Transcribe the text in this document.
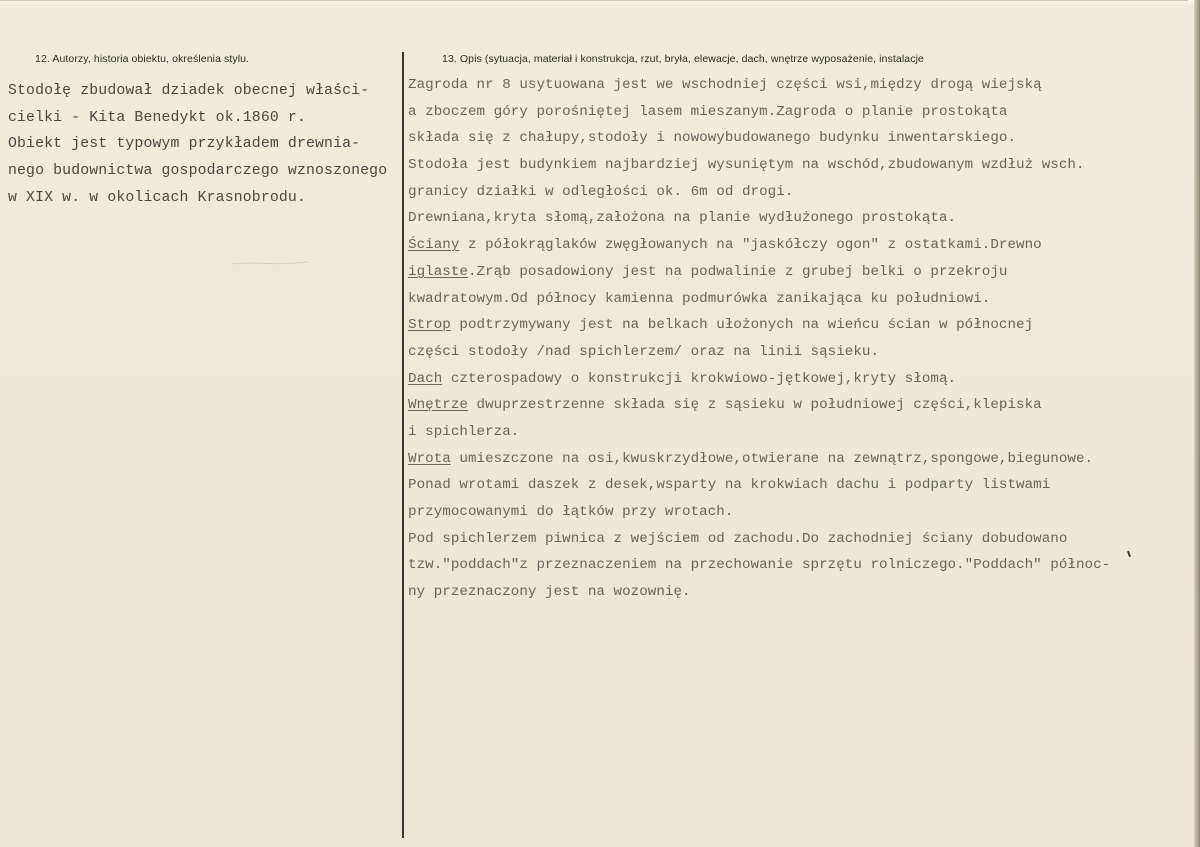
12. Autorzy, historia obiektu, określenia stylu.	13. Opis (sytuacja, materiał i konstrukcja, rzut, bryła, elewacje, dach, wnętrze wyposażenie, instalacje
Stodołę zbudował dziadek obecnej właści-
cielki - Kita Benedykt ok.1860 r.
Obiekt jest typowym przykładem drewnia-
nego budownictwa gospodarczego wznoszonego
w XIX w. w okolicach Krasnobrodu.
Zagroda nr 8 usytuowana jest we wschodniej części wsi,między drogą wiejską
a zboczem góry porośniętej lasem mieszanym.Zagroda o planie prostokąta
składa się z chałupy,stodoły i nowowybudowanego budynku inwentarskiego.
Stodoła jest budynkiem najbardziej wysuniętym na wschód,zbudowanym wzdłuż wsch.
granicy działki w odległości ok. 6m od drogi.
Drewniana,kryta słomą,założona na planie wydłużonego prostokąta.
Ściany z półokrąglaków zwęgłowanych na "jaskółczy ogon" z ostatkami.Drewno
iglaste.Zrąb posadowiony jest na podwalinie z grubej belki o przekroju
kwadratowym.Od północy kamienna podmurówka zanikająca ku południowi.
Strop podtrzymywany jest na belkach ułożonych na wieńcu ścian w północnej
części stodoły /nad spichlerzem/ oraz na linii sąsieku.
Dach czterospadowy o konstrukcji krokwiowo-jętkowej,kryty słomą.
Wnętrze dwuprzestrzenne składa się z sąsieku w południowej części,klepiska
i spichlerza.
Wrota umieszczone na osi,kwuskrzydłowe,otwierane na zewnątrz,spongowe,biegunowe.
Ponad wrotami daszek z desek,wsparty na krokwiach dachu i podparty listwami
przymocowanymi do łątków przy wrotach.
Pod spichlerzem piwnica z wejściem od zachodu.Do zachodniej ściany dobudowano
tzw."poddach"z przeznaczeniem na przechowanie sprzętu rolniczego."Poddach" północ-
ny przeznaczony jest na wozownię.
